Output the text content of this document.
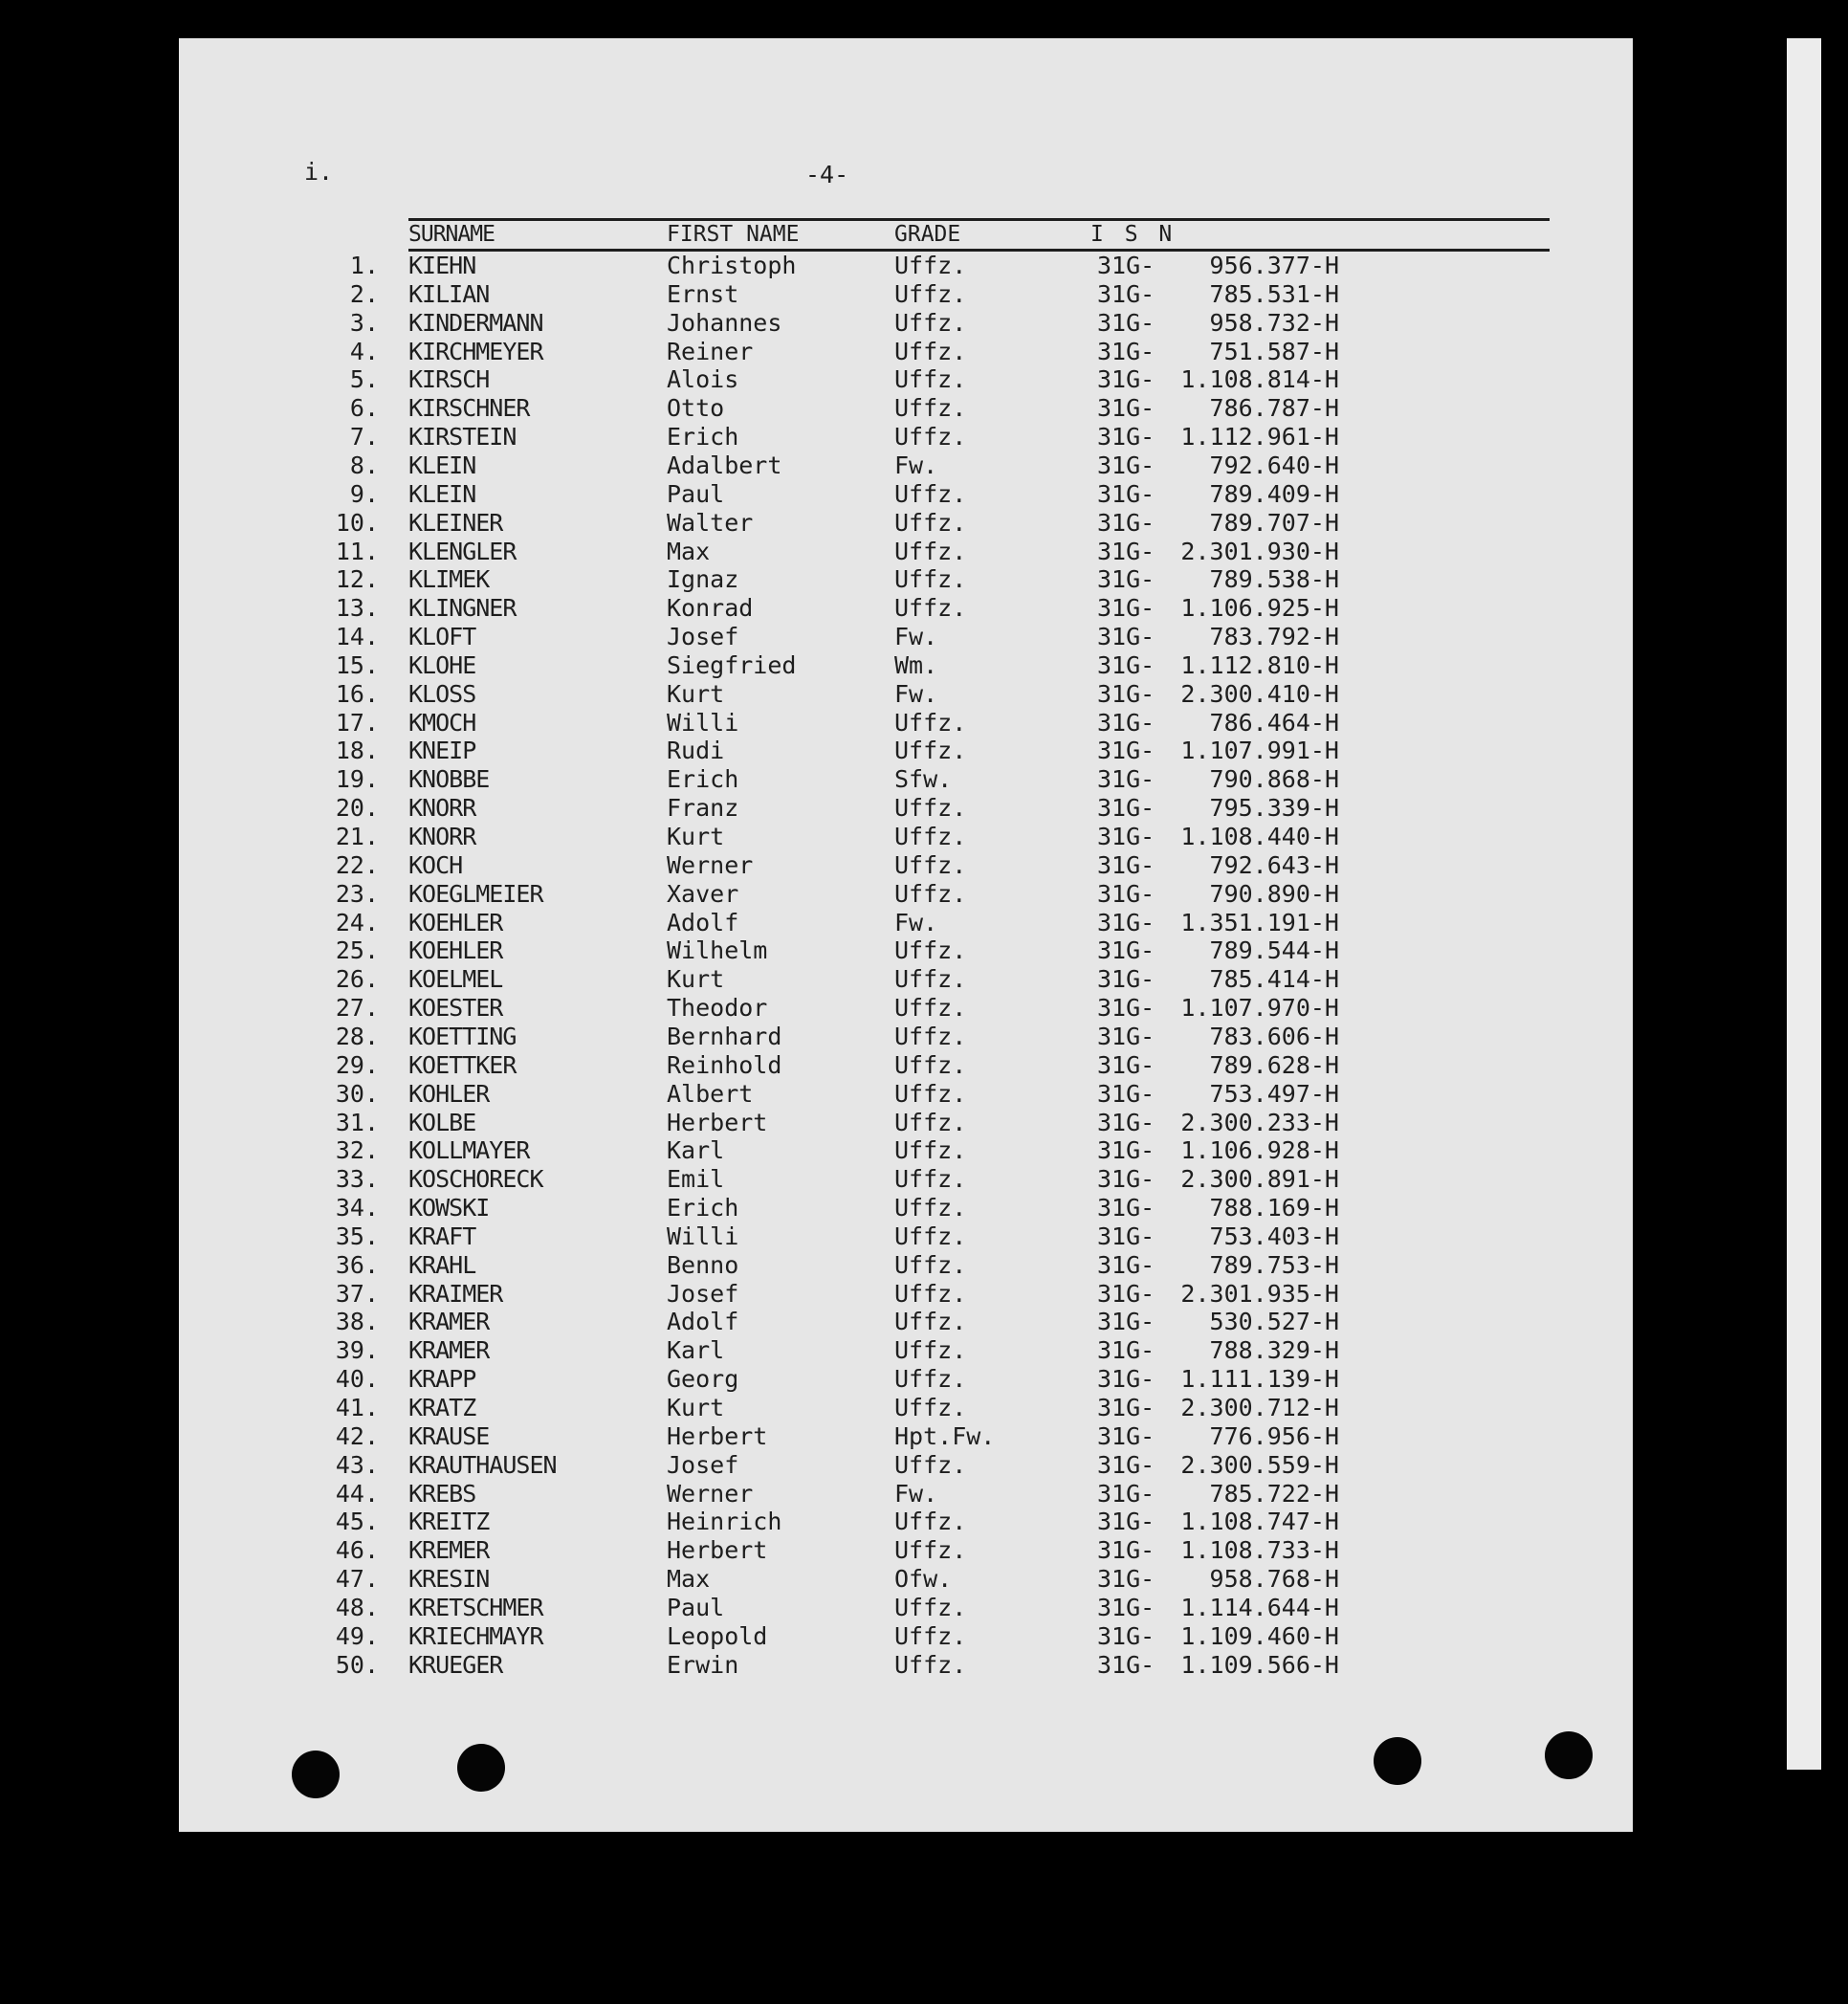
i.	-4-
SURNAME	FIRST NAME	GRADE	I S N
1. KIEHN	Christoph	Uffz.	31G-	956.377-H
2. KILIAN	Ernst	Uffz.	31G-	785.531-H
3. KINDERMANN	Johannes	Uffz.	31G-	958.732-H
4. KIRCHMEYER	Reiner	Uffz.	31G-	751.587-H
5. KIRSCH	Alois	Uffz.	31G-	1.108.814-H
6. KIRSCHNER	Otto	Uffz.	31G-	786.787-H
7. KIRSTEIN	Erich	Uffz.	31G-	1.112.961-H
8. KLEIN	Adalbert	Fw.	31G-	792.640-H
9. KLEIN	Paul	Uffz.	31G-	789.409-H
10. KLEINER	Walter	Uffz.	31G-	789.707-H
11. KLENGLER	Max	Uffz.	31G-	2.301.930-H
12. KLIMEK	Ignaz	Uffz.	31G-	789.538-H
13. KLINGNER	Konrad	Uffz.	31G-	1.106.925-H
14. KLOFT	Josef	Fw.	31G-	783.792-H
15. KLOHE	Siegfried	Wm.	31G-	1.112.810-H
16. KLOSS	Kurt	Fw.	31G-	2.300.410-H
17. KMOCH	Willi	Uffz.	31G-	786.464-H
18. KNEIP	Rudi	Uffz.	31G-	1.107.991-H
19. KNOBBE	Erich	Sfw.	31G-	790.868-H
20. KNORR	Franz	Uffz.	31G-	795.339-H
21. KNORR	Kurt	Uffz.	31G-	1.108.440-H
22. KOCH	Werner	Uffz.	31G-	792.643-H
23. KOEGLMEIER	Xaver	Uffz.	31G-	790.890-H
24. KOEHLER	Adolf	Fw.	31G-	1.351.191-H
25. KOEHLER	Wilhelm	Uffz.	31G-	789.544-H
26. KOELMEL	Kurt	Uffz.	31G-	785.414-H
27. KOESTER	Theodor	Uffz.	31G-	1.107.970-H
28. KOETTING	Bernhard	Uffz.	31G-	783.606-H
29. KOETTKER	Reinhold	Uffz.	31G-	789.628-H
30. KOHLER	Albert	Uffz.	31G-	753.497-H
31. KOLBE	Herbert	Uffz.	31G-	2.300.233-H
32. KOLLMAYER	Karl	Uffz.	31G-	1.106.928-H
33. KOSCHORECK	Emil	Uffz.	31G-	2.300.891-H
34. KOWSKI	Erich	Uffz.	31G-	788.169-H
35. KRAFT	Willi	Uffz.	31G-	753.403-H
36. KRAHL	Benno	Uffz.	31G-	789.753-H
37. KRAIMER	Josef	Uffz.	31G-	2.301.935-H
38. KRAMER	Adolf	Uffz.	31G-	530.527-H
39. KRAMER	Karl	Uffz.	31G-	788.329-H
40. KRAPP	Georg	Uffz.	31G-	1.111.139-H
41. KRATZ	Kurt	Uffz.	31G-	2.300.712-H
42. KRAUSE	Herbert	Hpt.Fw.	31G-	776.956-H
43. KRAUTHAUSEN	Josef	Uffz.	31G-	2.300.559-H
44. KREBS	Werner	Fw.	31G-	785.722-H
45. KREITZ	Heinrich	Uffz.	31G-	1.108.747-H
46. KREMER	Herbert	Uffz.	31G-	1.108.733-H
47. KRESIN	Max	Ofw.	31G-	958.768-H
48. KRETSCHMER	Paul	Uffz.	31G-	1.114.644-H
49. KRIECHMAYR	Leopold	Uffz.	31G-	1.109.460-H
50. KRUEGER	Erwin	Uffz.	31G-	1.109.566-H
